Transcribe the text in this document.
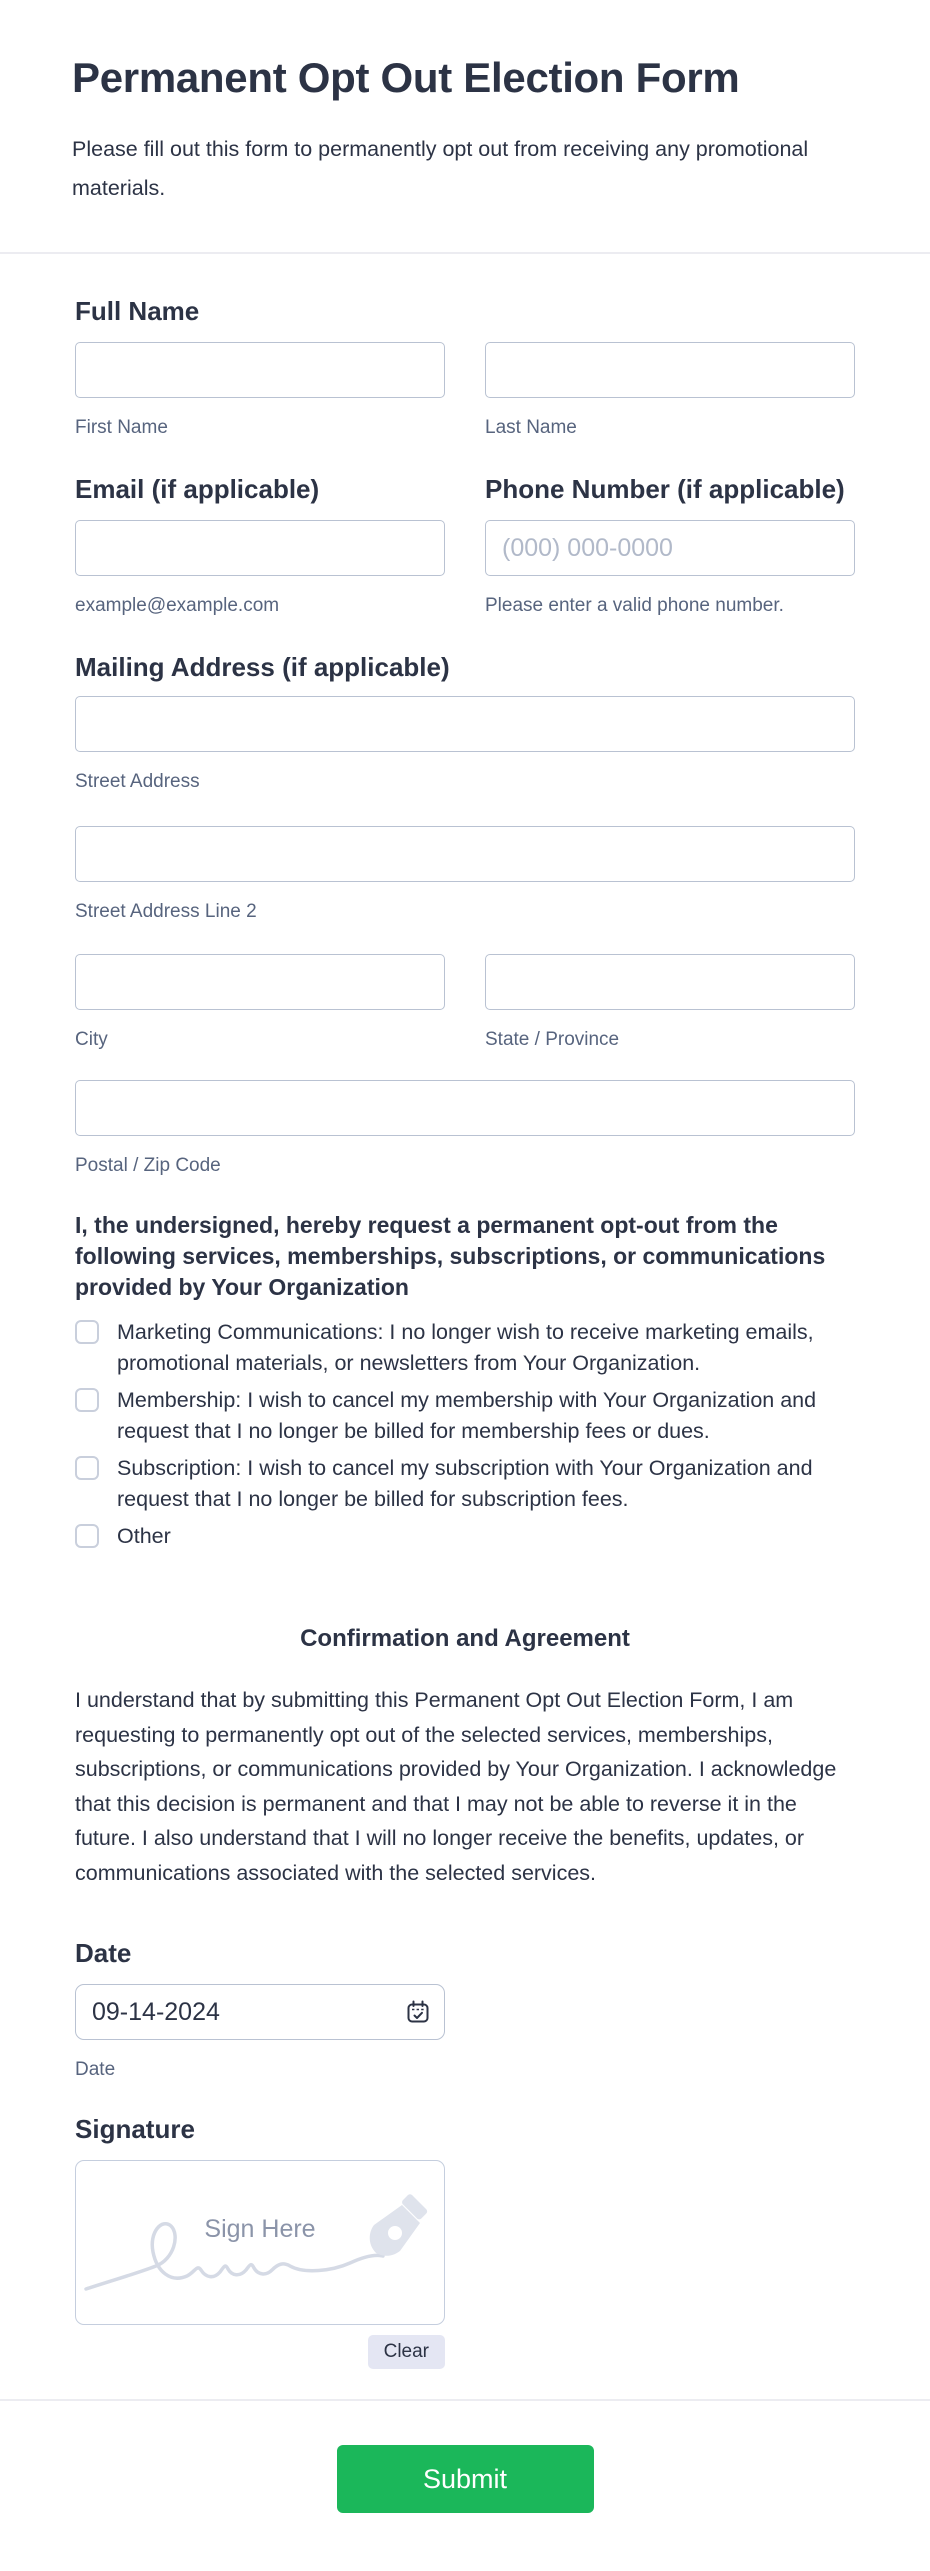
Permanent Opt Out Election Form
Please fill out this form to permanently opt out from receiving any promotional materials.
Full Name
First Name	Last Name
Email (if applicable)
example@example.com
Phone Number (if applicable)
(000) 000-0000
Please enter a valid phone number.
Mailing Address (if applicable)
Street Address
Street Address Line 2
City	State / Province
Postal / Zip Code
I, the undersigned, hereby request a permanent opt-out from the following services, memberships, subscriptions, or communications provided by Your Organization
Marketing Communications: I no longer wish to receive marketing emails, promotional materials, or newsletters from Your Organization.
Membership: I wish to cancel my membership with Your Organization and request that I no longer be billed for membership fees or dues.
Subscription: I wish to cancel my subscription with Your Organization and request that I no longer be billed for subscription fees.
Other
Confirmation and Agreement
I understand that by submitting this Permanent Opt Out Election Form, I am requesting to permanently opt out of the selected services, memberships, subscriptions, or communications provided by Your Organization. I acknowledge that this decision is permanent and that I may not be able to reverse it in the future. I also understand that I will no longer receive the benefits, updates, or communications associated with the selected services.
Date
09-14-2024
Date
Signature
Sign Here
Clear
Submit
